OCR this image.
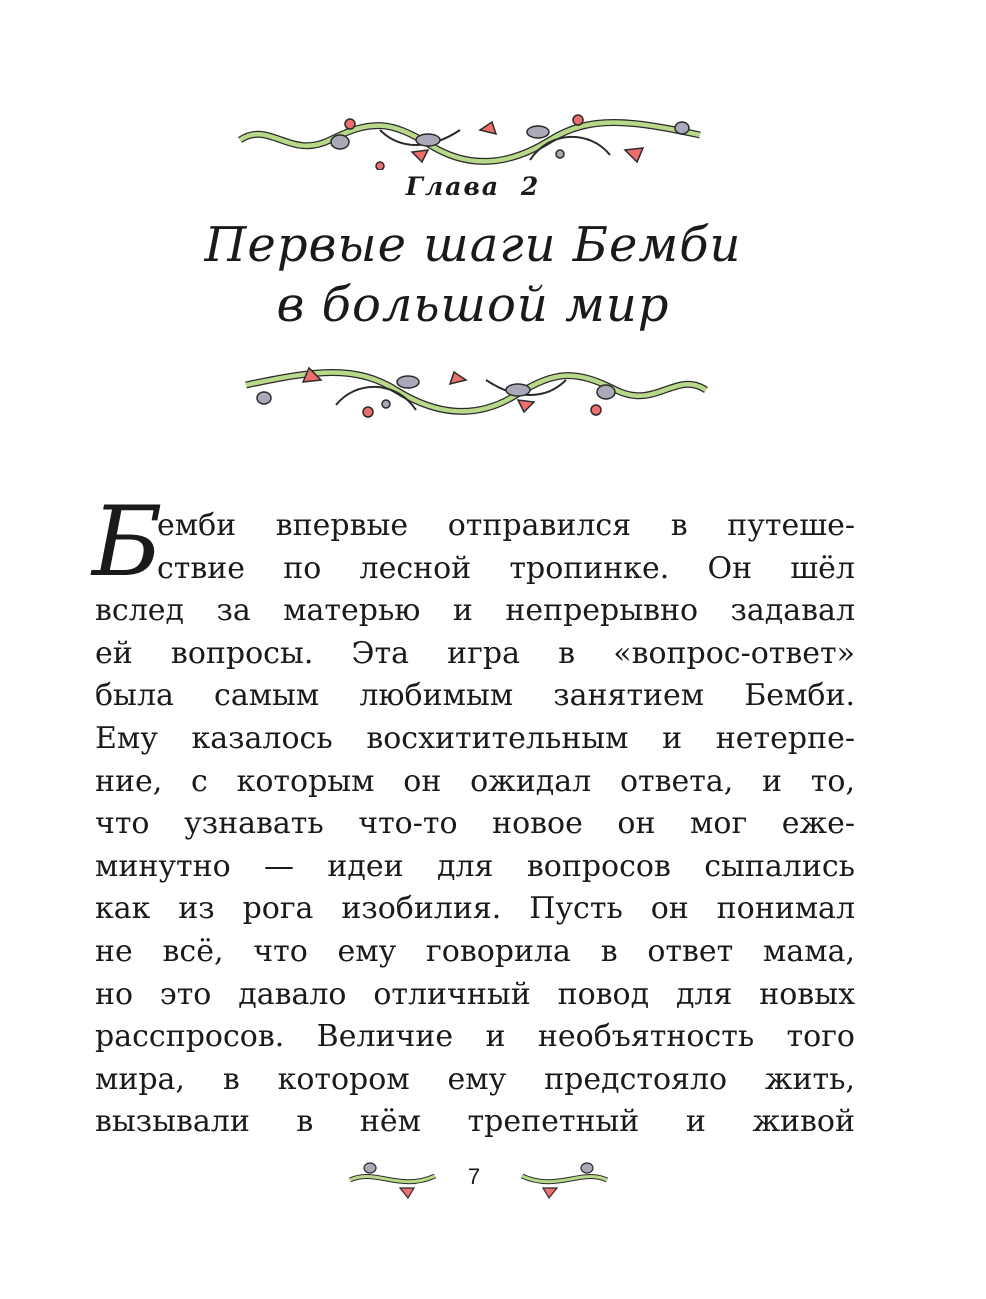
Глава 2
Первые шаги Бемби
в большой мир
Б
емби впервые отправился в путеше-
ствие по лесной тропинке. Он шёл
вслед за матерью и непрерывно задавал
ей вопросы. Эта игра в «вопрос-ответ»
была самым любимым занятием Бемби.
Ему казалось восхитительным и нетерпе-
ние, с которым он ожидал ответа, и то,
что узнавать что-то новое он мог еже-
минутно — идеи для вопросов сыпались
как из рога изобилия. Пусть он понимал
не всё, что ему говорила в ответ мама,
но это давало отличный повод для новых
расспросов. Величие и необъятность того
мира, в котором ему предстояло жить,
вызывали в нём трепетный и живой
7
